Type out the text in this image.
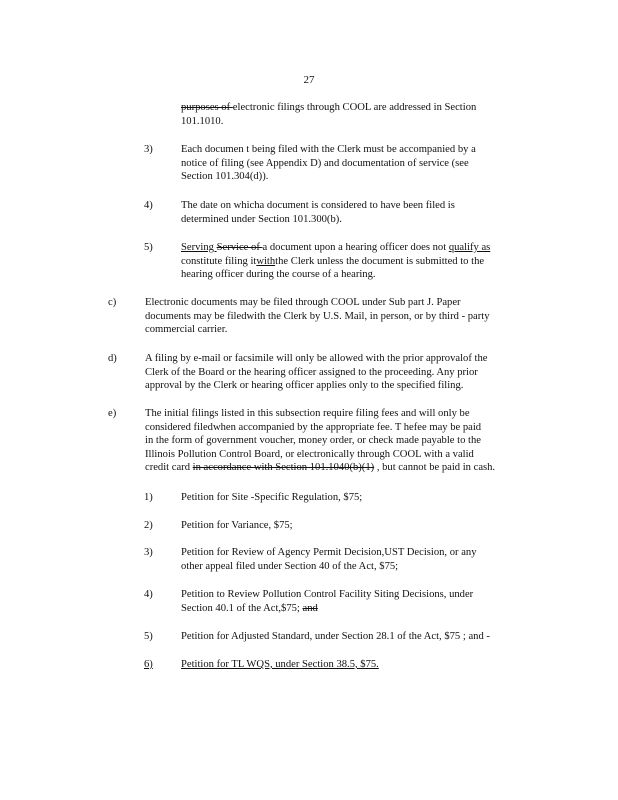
27

purposes of electronic filings through COOL are addressed in Section

101.1010.

3)	Each documen t being filed with the Clerk must be accompanied by a

notice of filing (see Appendix D) and documentation of service (see

Section 101.304(d)).

4)	The date on whicha document is considered to have been filed is

determined under Section 101.300(b).

5)	Serving Service of a document upon a hearing officer does not qualify as

constitute filing itwiththe Clerk unless the document is submitted to the

hearing officer during the course of a hearing.

c)	Electronic documents may be filed through COOL under Sub part J. Paper

documents may be filedwith the Clerk by U.S. Mail, in person, or by third - party

commercial carrier.

d)	A filing by e-mail or facsimile will only be allowed with the prior approvalof the

Clerk of the Board or the hearing officer assigned to the proceeding. Any prior

approval by the Clerk or hearing officer applies only to the specified filing.

e)	The initial filings listed in this subsection require filing fees and will only be

considered filedwhen accompanied by the appropriate fee. T hefee may be paid

in the form of government voucher, money order, or check made payable to the

Illinois Pollution Control Board, or electronically through COOL with a valid

credit card in accordance with Section 101.1040(b)(1) , but cannot be paid in cash.

1)	Petition for Site -Specific Regulation, $75;

2)	Petition for Variance, $75;

3)	Petition for Review of Agency Permit Decision,UST Decision, or any

other appeal filed under Section 40 of the Act, $75;

4)	Petition to Review Pollution Control Facility Siting Decisions, under

Section 40.1 of the Act,$75; and

5)	Petition for Adjusted Standard, under Section 28.1 of the Act, $75 ; and -

6)	Petition for TL WQS, under Section 38.5, $75.
